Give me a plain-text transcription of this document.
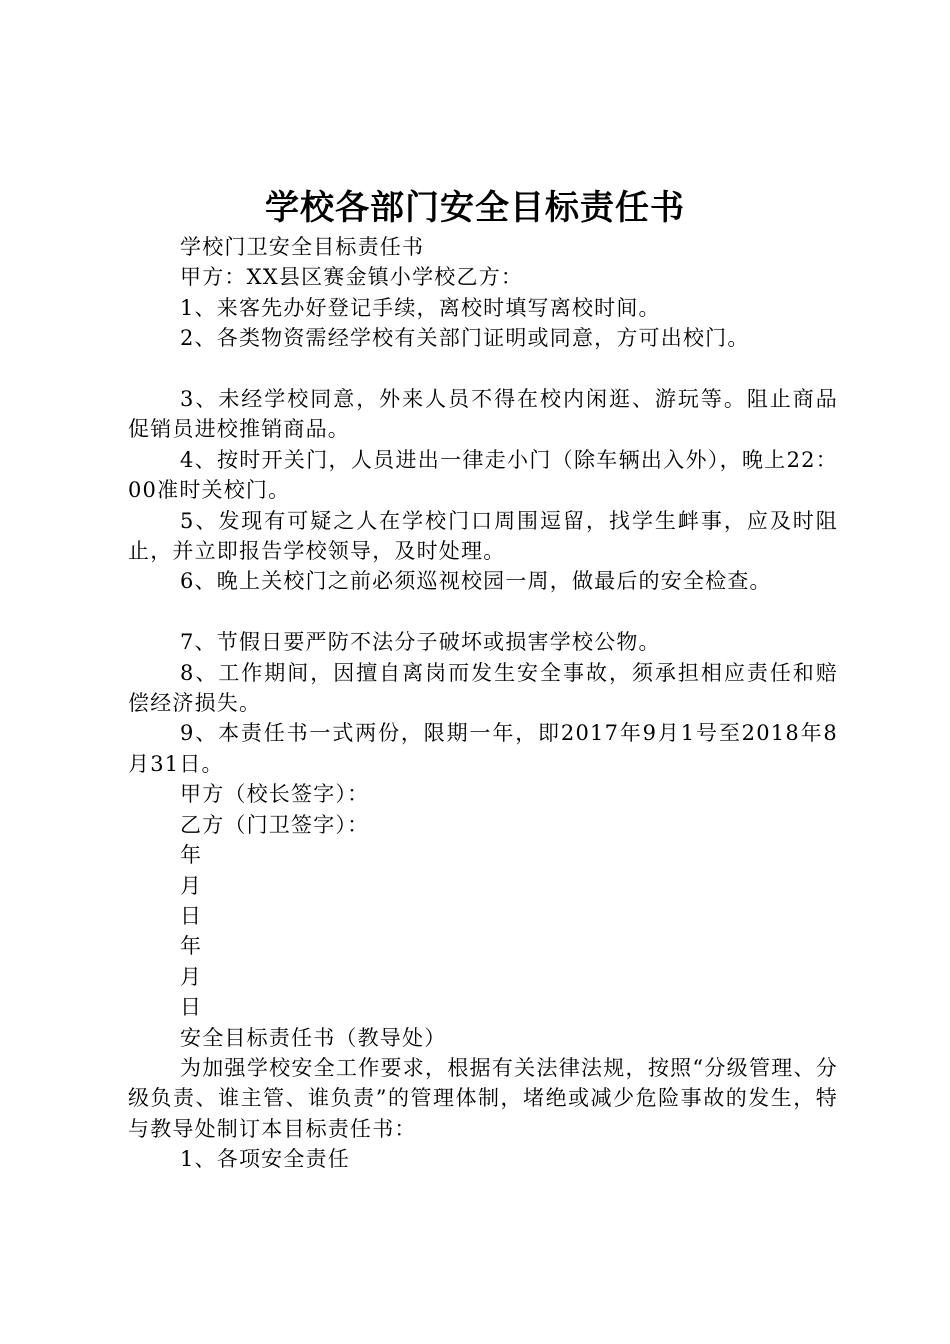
学校各部门安全目标责任书

学校门卫安全目标责任书

甲方：XX县区赛金镇小学校乙方：

1、来客先办好登记手续，离校时填写离校时间。

2、各类物资需经学校有关部门证明或同意，方可出校门。

3、未经学校同意，外来人员不得在校内闲逛、游玩等。阻止商品促销员进校推销商品。

4、按时开关门，人员进出一律走小门（除车辆出入外），晚上22：00准时关校门。

5、发现有可疑之人在学校门口周围逗留，找学生衅事，应及时阻止，并立即报告学校领导，及时处理。

6、晚上关校门之前必须巡视校园一周，做最后的安全检查。

7、节假日要严防不法分子破坏或损害学校公物。

8、工作期间，因擅自离岗而发生安全事故，须承担相应责任和赔偿经济损失。

9、本责任书一式两份，限期一年，即2017年9月1号至2018年8月31日。

甲方（校长签字）：

乙方（门卫签字）：

年

月

日

年

月

日

安全目标责任书（教导处）

为加强学校安全工作要求，根据有关法律法规，按照“分级管理、分级负责、谁主管、谁负责”的管理体制，堵绝或减少危险事故的发生，特与教导处制订本目标责任书：

1、各项安全责任
